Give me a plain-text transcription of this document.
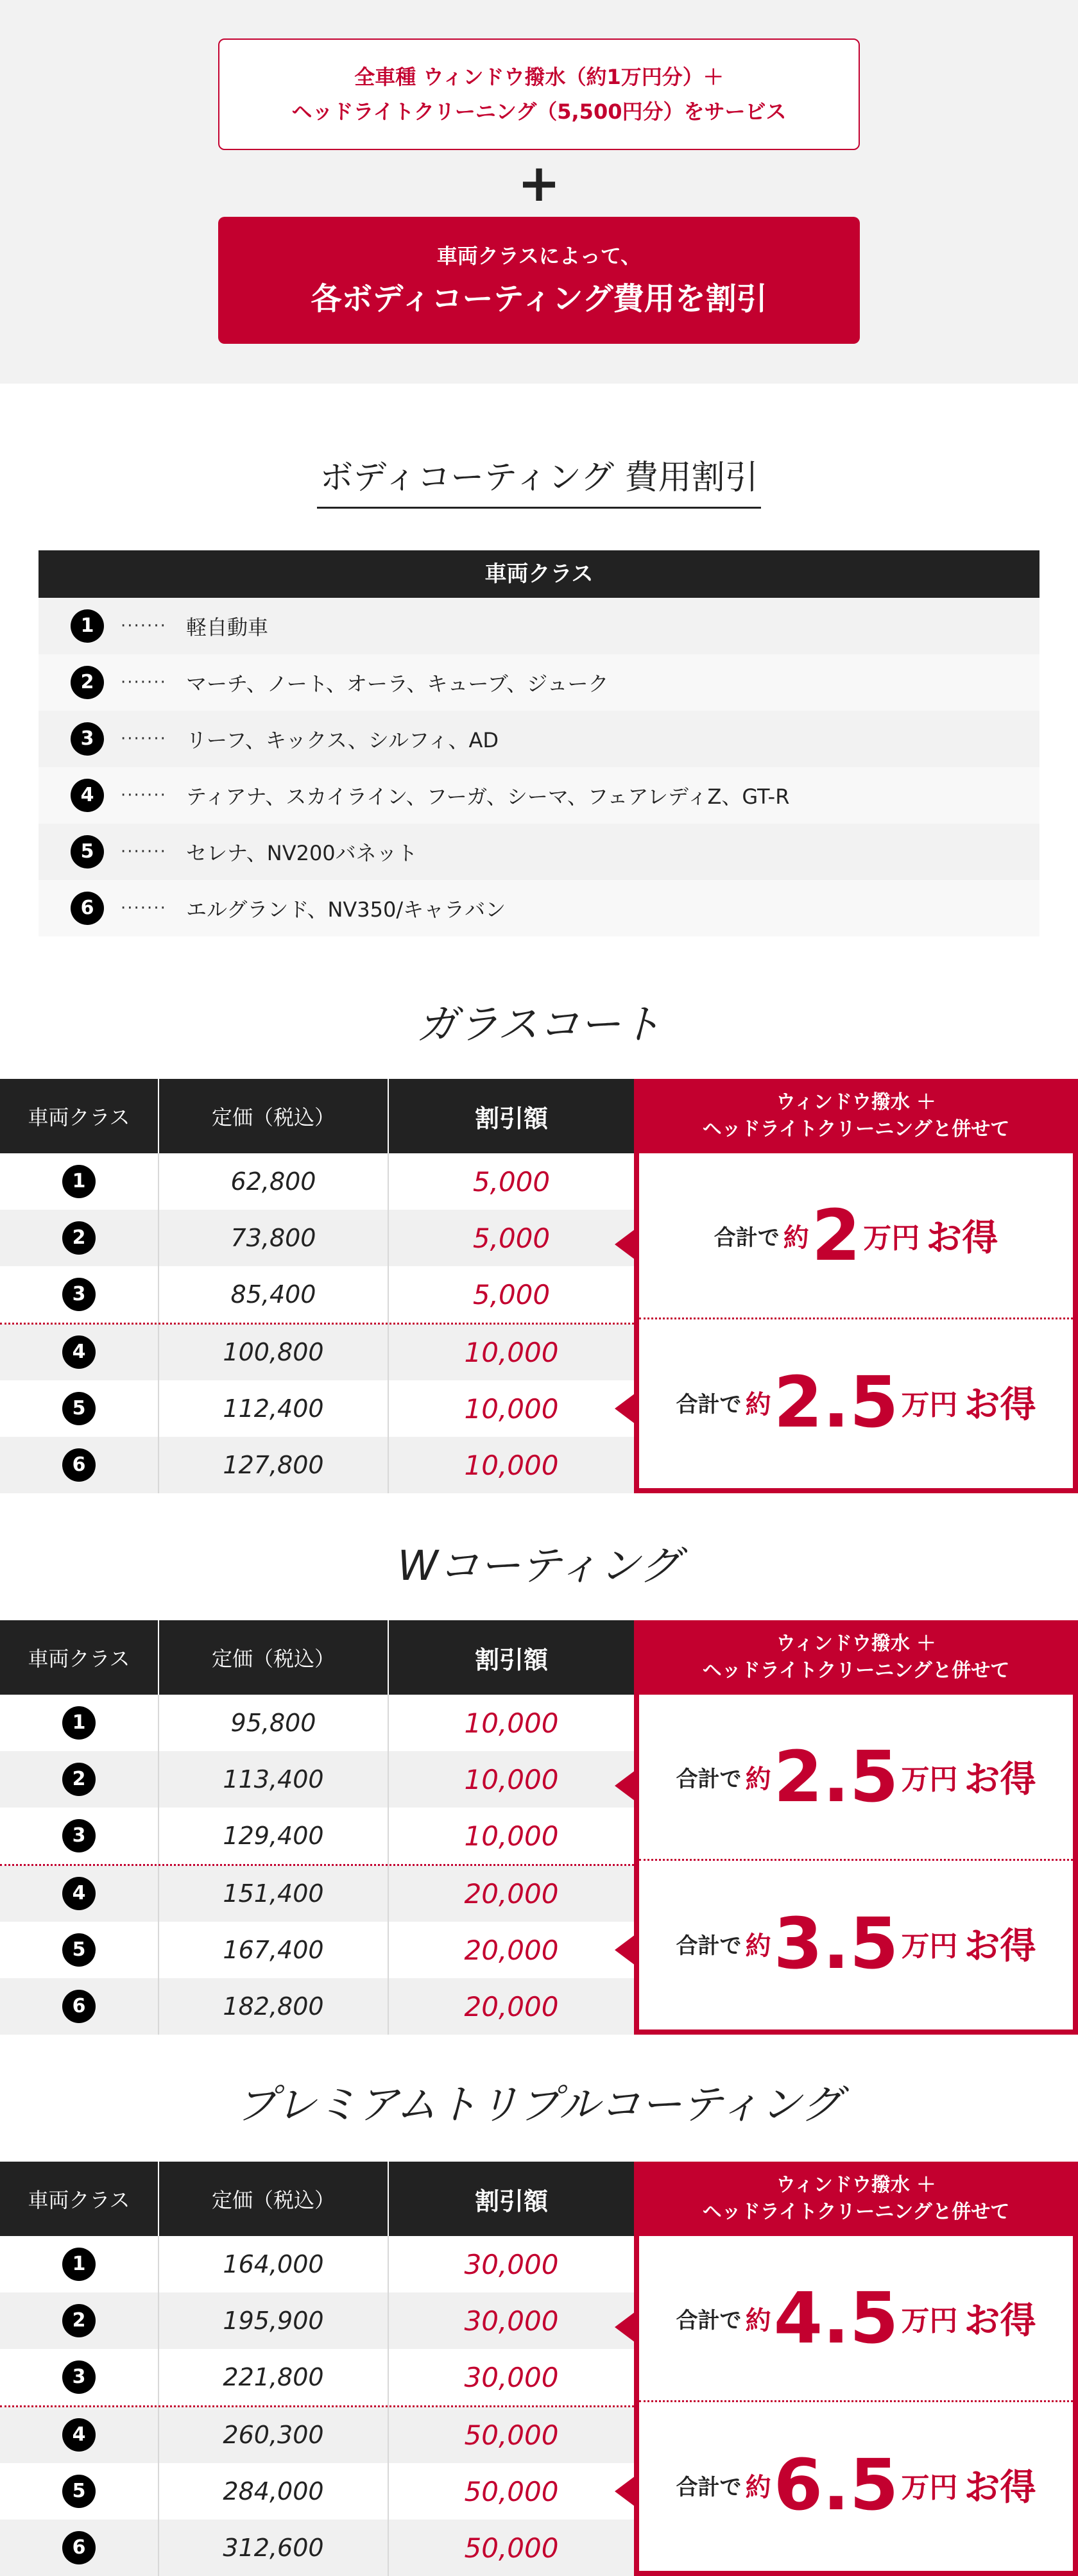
全車種 ウィンドウ撥水（約1万円分）＋
ヘッドライトクリーニング（5,500円分）をサービス
+
車両クラスによって、
各ボディコーティング費用を割引
ボディコーティング 費用割引
車両クラス
1	······· 軽自動車
2	······· マーチ、ノート、オーラ、キューブ、ジューク
3	······· リーフ、キックス、シルフィ、AD
4	······· ティアナ、スカイライン、フーガ、シーマ、フェアレディZ、GT-R
5	······· セレナ、NV200バネット
6	······· エルグランド、NV350/キャラバン
ガラスコート
車両クラス	定価（税込）	割引額
ウィンドウ撥水 ＋
ヘッドライトクリーニングと併せて
1	62,800	5,000
2	73,800	5,000
3	85,400	5,000
4	100,800	10,000
5	112,400	10,000
6	127,800	10,000
合計で 約 2 万円 お得
合計で 約 2.5 万円 お得
Wコーティング
車両クラス	定価（税込）	割引額
ウィンドウ撥水 ＋
ヘッドライトクリーニングと併せて
1	95,800	10,000
2	113,400	10,000
3	129,400	10,000
4	151,400	20,000
5	167,400	20,000
6	182,800	20,000
合計で 約 2.5 万円 お得
合計で 約 3.5 万円 お得
プレミアムトリプルコーティング
車両クラス	定価（税込）	割引額
ウィンドウ撥水 ＋
ヘッドライトクリーニングと併せて
1	164,000	30,000
2	195,900	30,000
3	221,800	30,000
4	260,300	50,000
5	284,000	50,000
6	312,600	50,000
合計で 約 4.5 万円 お得
合計で 約 6.5 万円 お得
